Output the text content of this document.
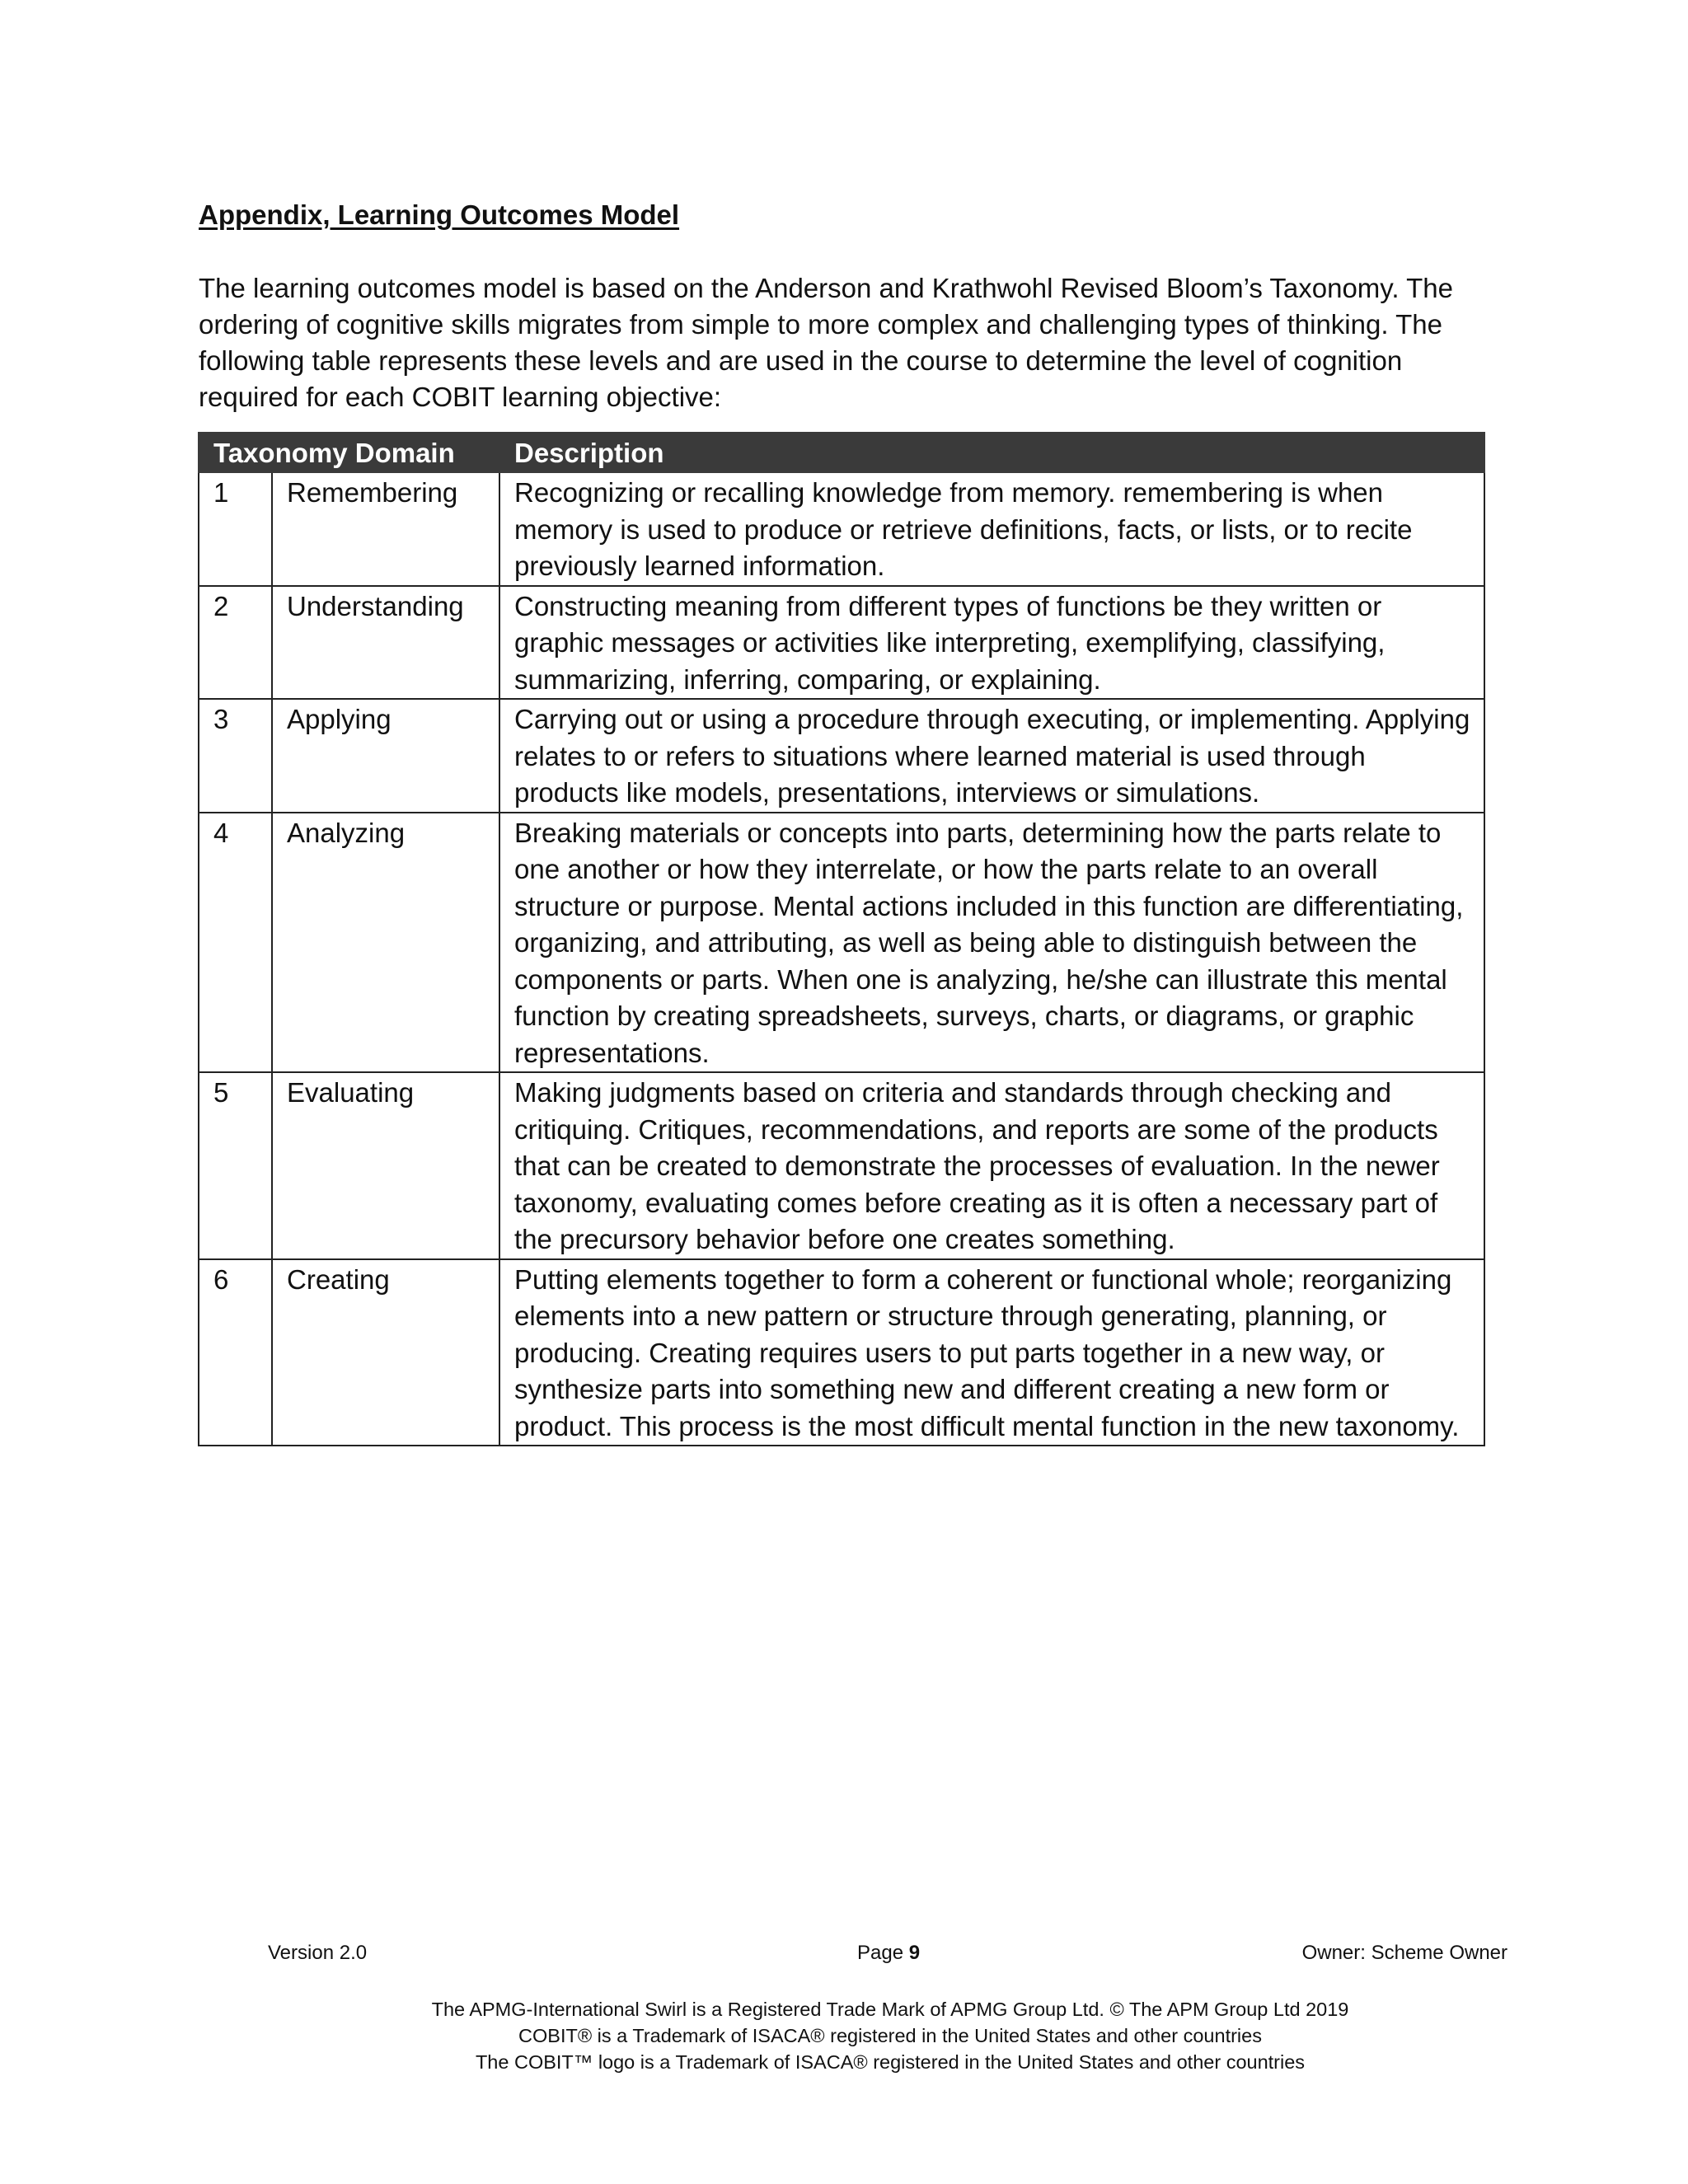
Appendix, Learning Outcomes Model
The learning outcomes model is based on the Anderson and Krathwohl Revised Bloom’s Taxonomy. The ordering of cognitive skills migrates from simple to more complex and challenging types of thinking. The following table represents these levels and are used in the course to determine the level of cognition required for each COBIT learning objective:
Taxonomy Domain		Description
1	Remembering	Recognizing or recalling knowledge from memory. remembering is when memory is used to produce or retrieve definitions, facts, or lists, or to recite previously learned information.
2	Understanding	Constructing meaning from different types of functions be they written or graphic messages or activities like interpreting, exemplifying, classifying, summarizing, inferring, comparing, or explaining.
3	Applying	Carrying out or using a procedure through executing, or implementing. Applying relates to or refers to situations where learned material is used through products like models, presentations, interviews or simulations.
4	Analyzing	Breaking materials or concepts into parts, determining how the parts relate to one another or how they interrelate, or how the parts relate to an overall structure or purpose. Mental actions included in this function are differentiating, organizing, and attributing, as well as being able to distinguish between the components or parts. When one is analyzing, he/she can illustrate this mental function by creating spreadsheets, surveys, charts, or diagrams, or graphic representations.
5	Evaluating	Making judgments based on criteria and standards through checking and critiquing. Critiques, recommendations, and reports are some of the products that can be created to demonstrate the processes of evaluation. In the newer taxonomy, evaluating comes before creating as it is often a necessary part of the precursory behavior before one creates something.
6	Creating	Putting elements together to form a coherent or functional whole; reorganizing elements into a new pattern or structure through generating, planning, or producing. Creating requires users to put parts together in a new way, or synthesize parts into something new and different creating a new form or product. This process is the most difficult mental function in the new taxonomy.
Version 2.0	Page 9	Owner: Scheme Owner
The APMG-International Swirl is a Registered Trade Mark of APMG Group Ltd. © The APM Group Ltd 2019
COBIT® is a Trademark of ISACA® registered in the United States and other countries
The COBIT™ logo is a Trademark of ISACA® registered in the United States and other countries
